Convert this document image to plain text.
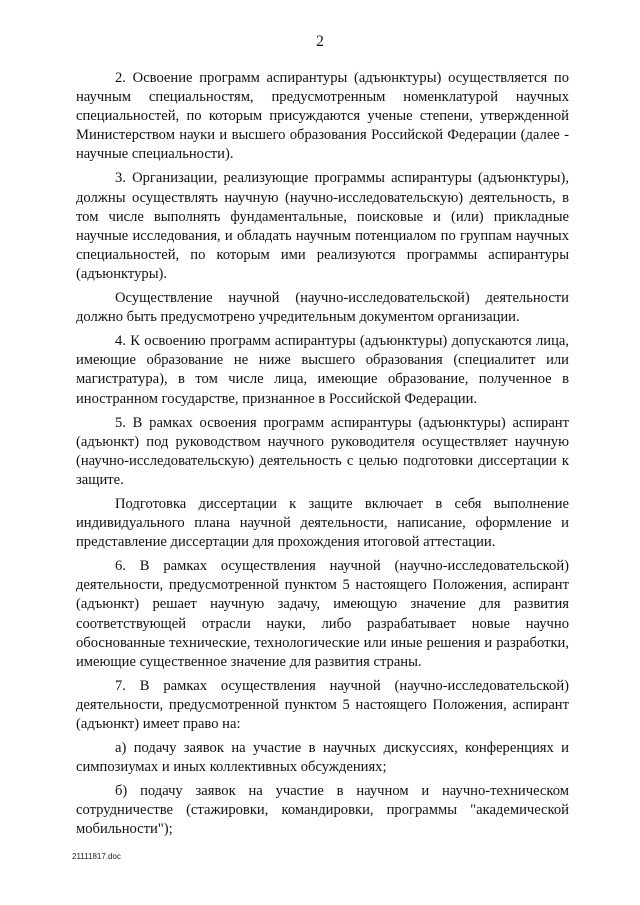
2

2. Освоение программ аспирантуры (адъюнктуры) осуществляется по научным специальностям, предусмотренным номенклатурой научных специальностей, по которым присуждаются ученые степени, утвержденной Министерством науки и высшего образования Российской Федерации (далее - научные специальности).

3. Организации, реализующие программы аспирантуры (адъюнктуры), должны осуществлять научную (научно-исследовательскую) деятельность, в том числе выполнять фундаментальные, поисковые и (или) прикладные научные исследования, и обладать научным потенциалом по группам научных специальностей, по которым ими реализуются программы аспирантуры (адъюнктуры).

Осуществление научной (научно-исследовательской) деятельности должно быть предусмотрено учредительным документом организации.

4. К освоению программ аспирантуры (адъюнктуры) допускаются лица, имеющие образование не ниже высшего образования (специалитет или магистратура), в том числе лица, имеющие образование, полученное в иностранном государстве, признанное в Российской Федерации.

5. В рамках освоения программ аспирантуры (адъюнктуры) аспирант (адъюнкт) под руководством научного руководителя осуществляет научную (научно-исследовательскую) деятельность с целью подготовки диссертации к защите.

Подготовка диссертации к защите включает в себя выполнение индивидуального плана научной деятельности, написание, оформление и представление диссертации для прохождения итоговой аттестации.

6. В рамках осуществления научной (научно-исследовательской) деятельности, предусмотренной пунктом 5 настоящего Положения, аспирант (адъюнкт) решает научную задачу, имеющую значение для развития соответствующей отрасли науки, либо разрабатывает новые научно обоснованные технические, технологические или иные решения и разработки, имеющие существенное значение для развития страны.

7. В рамках осуществления научной (научно-исследовательской) деятельности, предусмотренной пунктом 5 настоящего Положения, аспирант (адъюнкт) имеет право на:

а) подачу заявок на участие в научных дискуссиях, конференциях и симпозиумах и иных коллективных обсуждениях;

б) подачу заявок на участие в научном и научно-техническом сотрудничестве (стажировки, командировки, программы "академической мобильности");

21111817.doc
